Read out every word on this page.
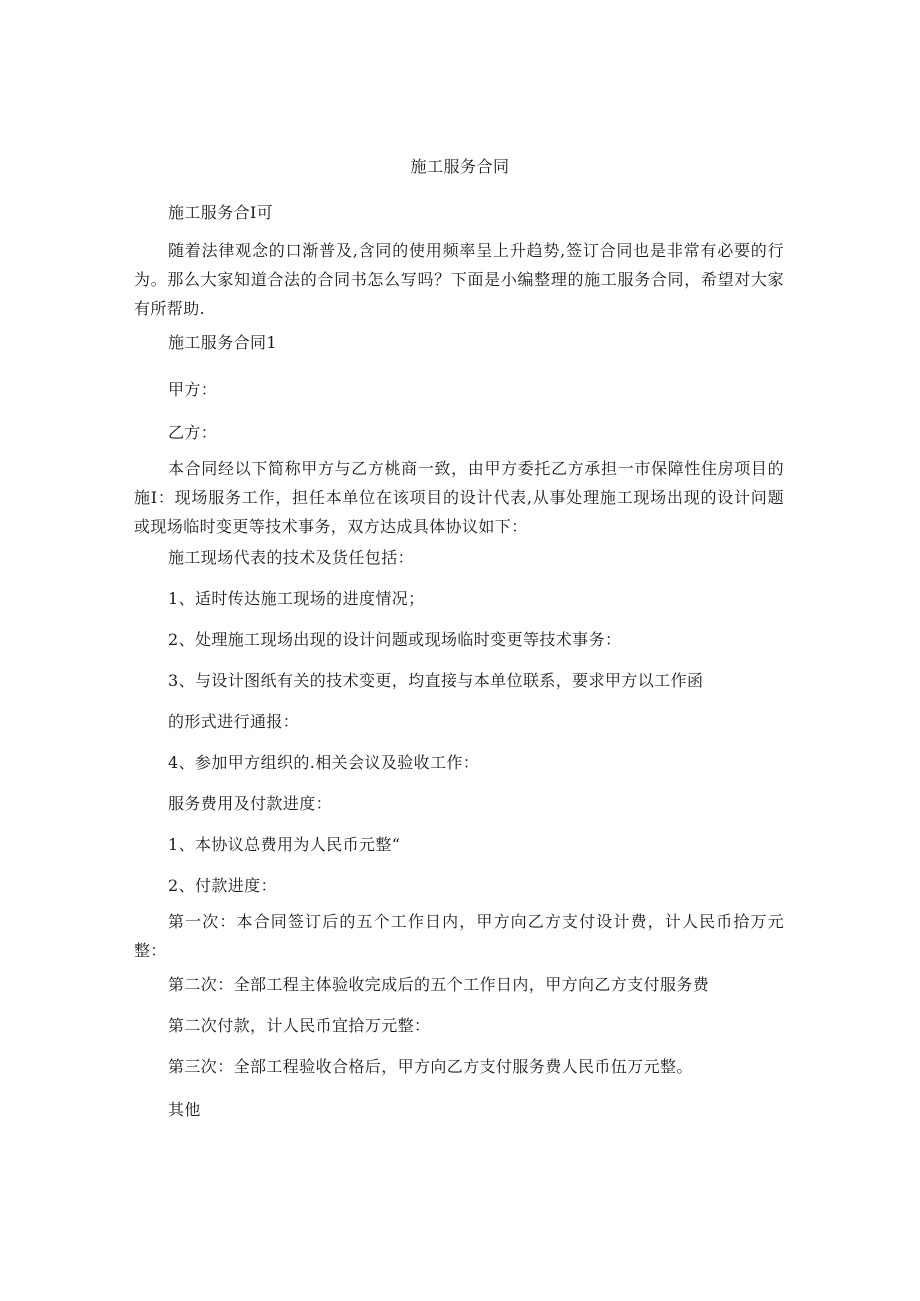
施工服务合同
施工服务合I可
随着法律观念的口渐普及,含同的使用频率呈上升趋势,签订合同也是非常有必要的行为。那么大家知道合法的合同书怎么写吗？下面是小编整理的施工服务合同，希望对大家有所帮助.
施工服务合同1
甲方：
乙方：
本合同经以下简称甲方与乙方桃商一致，由甲方委托乙方承担一市保障性住房项目的施I：现场服务工作，担任本单位在该项目的设计代表,从事处理施工现场出现的设计问题或现场临时变更等技术事务，双方达成具体协议如下：
施工现场代表的技术及货任包括：
1、适时传达施工现场的进度情况；
2、处理施工现场出现的设计问题或现场临时变更等技术事务：
3、与设计图纸有关的技术变更，均直接与本单位联系，要求甲方以工作函
的形式进行通报：
4、参加甲方组织的.相关会议及验收工作：
服务费用及付款进度：
1、本协议总费用为人民币元整“
2、付款进度：
第一次：本合同签订后的五个工作日内，甲方向乙方支付设计费，计人民币拾万元整：
第二次：全部工程主体验收完成后的五个工作日内，甲方向乙方支付服务费
第二次付款，计人民币宜拾万元整：
第三次：全部工程验收合格后，甲方向乙方支付服务费人民币伍万元整。
其他
